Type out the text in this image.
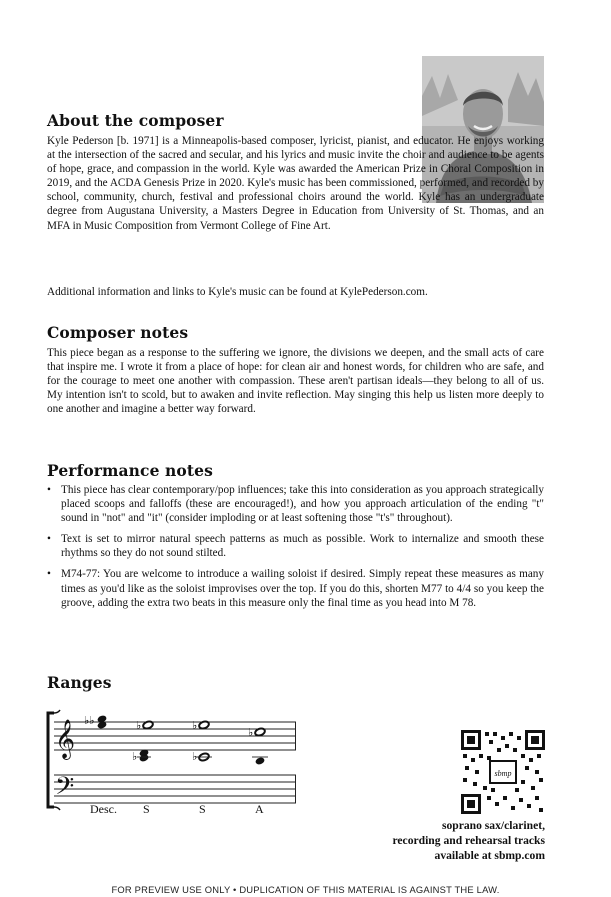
About the composer

Kyle Pederson [b. 1971] is a Minneapolis-based composer, lyricist, pianist, and educator. He enjoys working at the intersection of the sacred and secular, and his lyrics and music invite the choir and audience to be agents of hope, grace, and compassion in the world. Kyle was awarded the American Prize in Choral Composition in 2019, and the ACDA Genesis Prize in 2020. Kyle's music has been commissioned, performed, and recorded by school, community, church, festival and professional choirs around the world. Kyle has an undergraduate degree from Augustana University, a Masters Degree in Education from University of St. Thomas, and an MFA in Music Composition from Vermont College of Fine Art.

Additional information and links to Kyle's music can be found at KylePederson.com.

Composer notes

This piece began as a response to the suffering we ignore, the divisions we deepen, and the small acts of care that inspire me. I wrote it from a place of hope: for clean air and honest words, for children who are safe, and for the courage to meet one another with compassion. These aren't partisan ideals—they belong to all of us. My intention isn't to scold, but to awaken and invite reflection. May singing this help us listen more deeply to one another and imagine a better way forward.

Performance notes
• This piece has clear contemporary/pop influences; take this into consideration as you approach strategically placed scoops and falloffs (these are encouraged!), and how you approach articulation of the ending "t" sound in "not" and "it" (consider imploding or at least softening those "t's" throughout).
• Text is set to mirror natural speech patterns as much as possible. Work to internalize and smooth these rhythms so they do not sound stilted.
• M74-77: You are welcome to introduce a wailing soloist if desired. Simply repeat these measures as many times as you'd like as the soloist improvises over the top. If you do this, shorten M77 to 4/4 so you keep the groove, adding the extra two beats in this measure only the final time as you head into M 78.
Ranges
𝄞
𝄢
♭♭	♭
♭
♭
♭
♭
Desc. S	S	A
sbmp
soprano sax/clarinet,
recording and rehearsal tracks
available at sbmp.com
FOR PREVIEW USE ONLY • DUPLICATION OF THIS MATERIAL IS AGAINST THE LAW.
